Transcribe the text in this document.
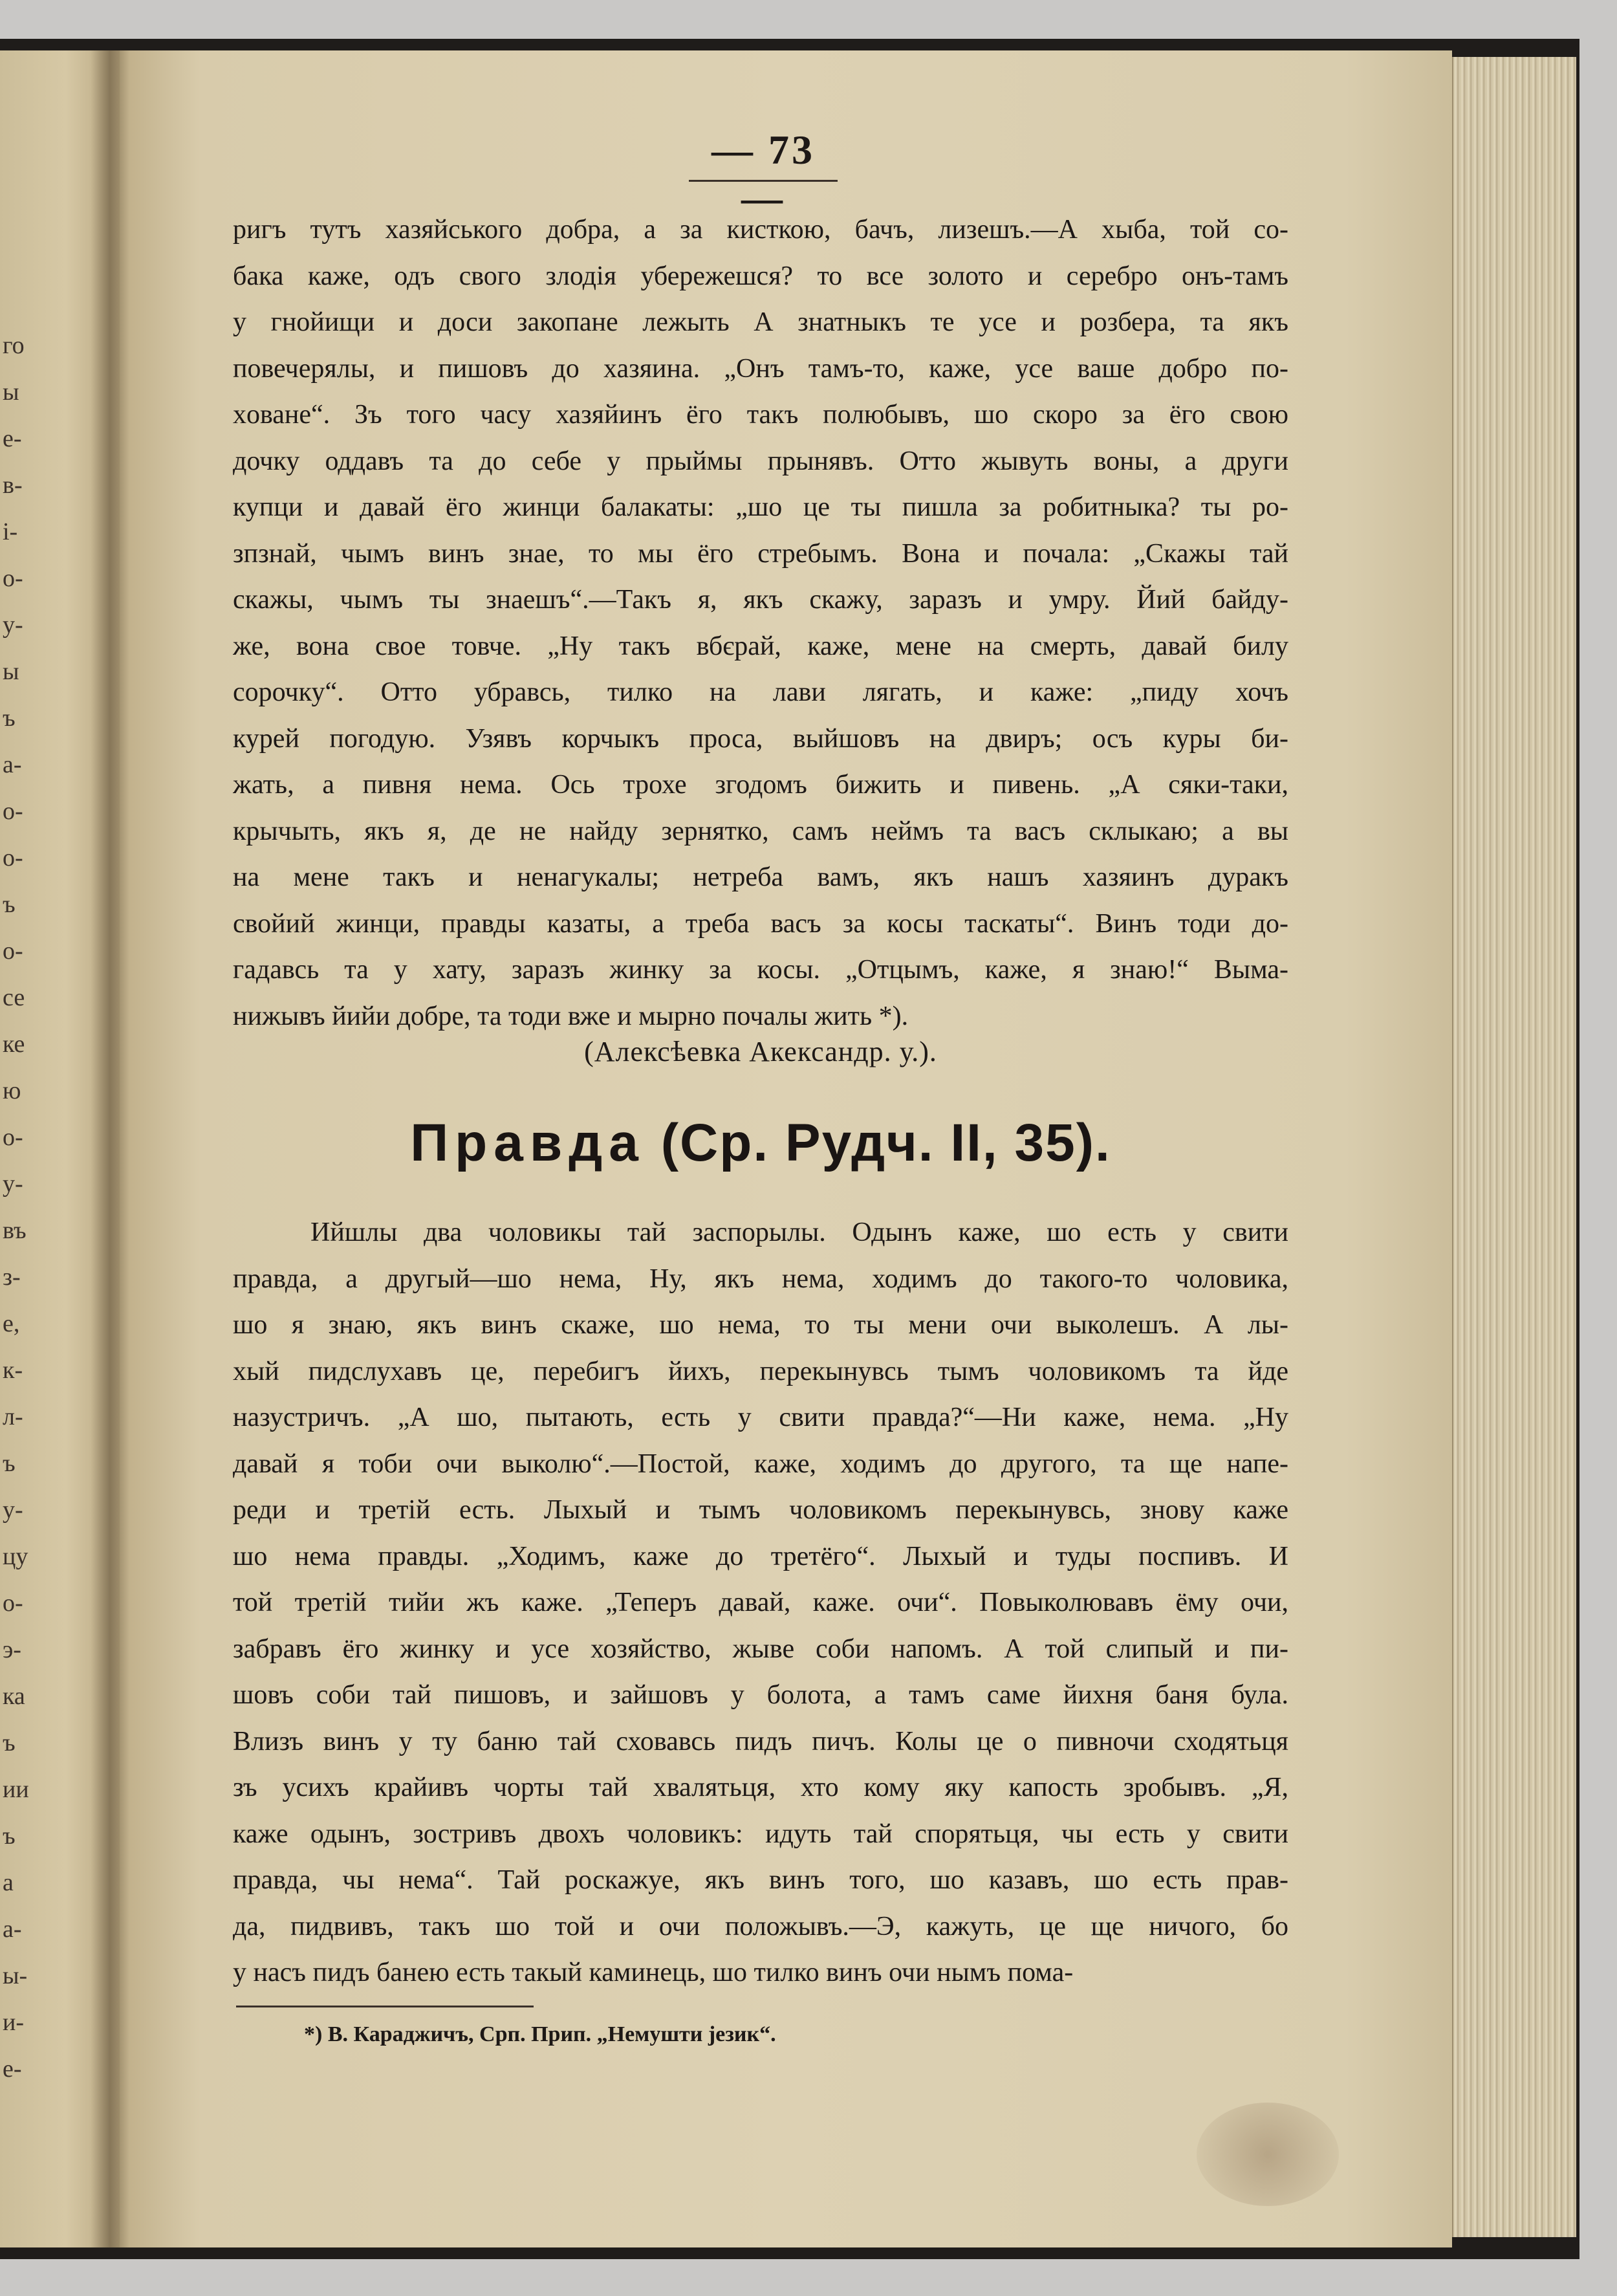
го
ы
е-
в-
і-
о-
у-
ы
ъ
а-
о-
о-
ъ
о-
се
ке
ю
о-
у-
въ
з-
е,
к-
л-
ъ
у-
цу
о-
э-
ка
ъ
ии
ъ
а
а-
ы-
и-
е-
— 73 —
ригъ тутъ хазяйського добра, а за кисткою, бачъ, лизешъ.—А хыба, той со-
бака каже, одъ свого злодія убережешся? то все золото и серебро онъ-тамъ
у гнойищи и доси закопане лежыть А знатныкъ те усе и розбера, та якъ
повечерялы, и пишовъ до хазяина. „Онъ тамъ-то, каже, усе ваше добро по-
xоване“. Зъ того часу хазяйинъ ёго такъ полюбывъ, шо скоро за ёго свою
дочку оддавъ та до себе у прыймы прынявъ. Отто жывуть воны, а други
купци и давай ёго жинци балакаты: „шо це ты пишла за робитныка? ты ро-
зпзнай, чымъ винъ знае, то мы ёго стребымъ. Вона и почала: „Скажы тай
скажы, чымъ ты знаешъ“.—Такъ я, якъ скажу, заразъ и умру. Йий байду-
же, вона свое товче. „Ну такъ вбєрай, каже, мене на смерть, давай билу
сорочку“. Отто убравсь, тилко на лави лягать, и каже: „пиду хочъ
курей погодую. Узявъ корчыкъ проса, выйшовъ на двиръ; осъ куры би-
жать, а пивня нема. Ось трохе згодомъ бижить и пивень. „А сяки-таки,
крычыть, якъ я, де не найду зернятко, самъ неймъ та васъ склыкаю; а вы
на мене такъ и ненагукалы; нетреба вамъ, якъ нашъ хазяинъ дуракъ
свойий жинци, правды казаты, а треба васъ за косы таскаты“. Винъ тоди до-
гадавсь та у хату, заразъ жинку за косы. „Отцымъ, каже, я знаю!“ Выма-
нижывъ йийи добре, та тоди вже и мырно почалы жить *).
(Алексѣевка Акександр. у.).
Правда (Ср. Рудч. II, 35).
Ийшлы два чоловикы тай заспорылы. Одынъ каже, шо есть у свити
правда, а другый—шо нема, Ну, якъ нема, ходимъ до такого-то чоловика,
шо я знаю, якъ винъ скаже, шо нема, то ты мени очи выколешъ. А лы-
хый пидслухавъ це, перебигъ йихъ, перекынувсь тымъ чоловикомъ та йде
назустричъ. „А шо, пытають, есть у свити правда?“—Ни каже, нема. „Ну
давай я тоби очи выколю“.—Постой, каже, ходимъ до другого, та ще напе-
реди и третій есть. Лыхый и тымъ чоловикомъ перекынувсь, знову каже
шо нема правды. „Ходимъ, каже до третёго“. Лыхый и туды поспивъ. И
той третій тийи жъ каже. „Теперъ давай, каже. очи“. Повыколювавъ ёму очи,
забравъ ёго жинку и усе хозяйство, жыве соби напомъ. А той слипый и пи-
шовъ соби тай пишовъ, и зайшовъ у болота, а тамъ саме йихня баня була.
Влизъ винъ у ту баню тай сховавсь пидъ пичъ. Колы це о пивночи сходятьця
зъ усихъ крайивъ чорты тай хвалятьця, хто кому яку капость зробывъ. „Я,
каже одынъ, зостривъ двохъ чоловикъ: идуть тай спорятьця, чы есть у свити
правда, чы нема“. Тай роскажуе, якъ винъ того, шо казавъ, шо есть прав-
да, пидвивъ, такъ шо той и очи положывъ.—Э, кажуть, це ще ничого, бо
у насъ пидъ банею есть такый каминець, шо тилко винъ очи нымъ пома-
*) В. Караджичъ, Срп. Прип. „Немушти језик“.
